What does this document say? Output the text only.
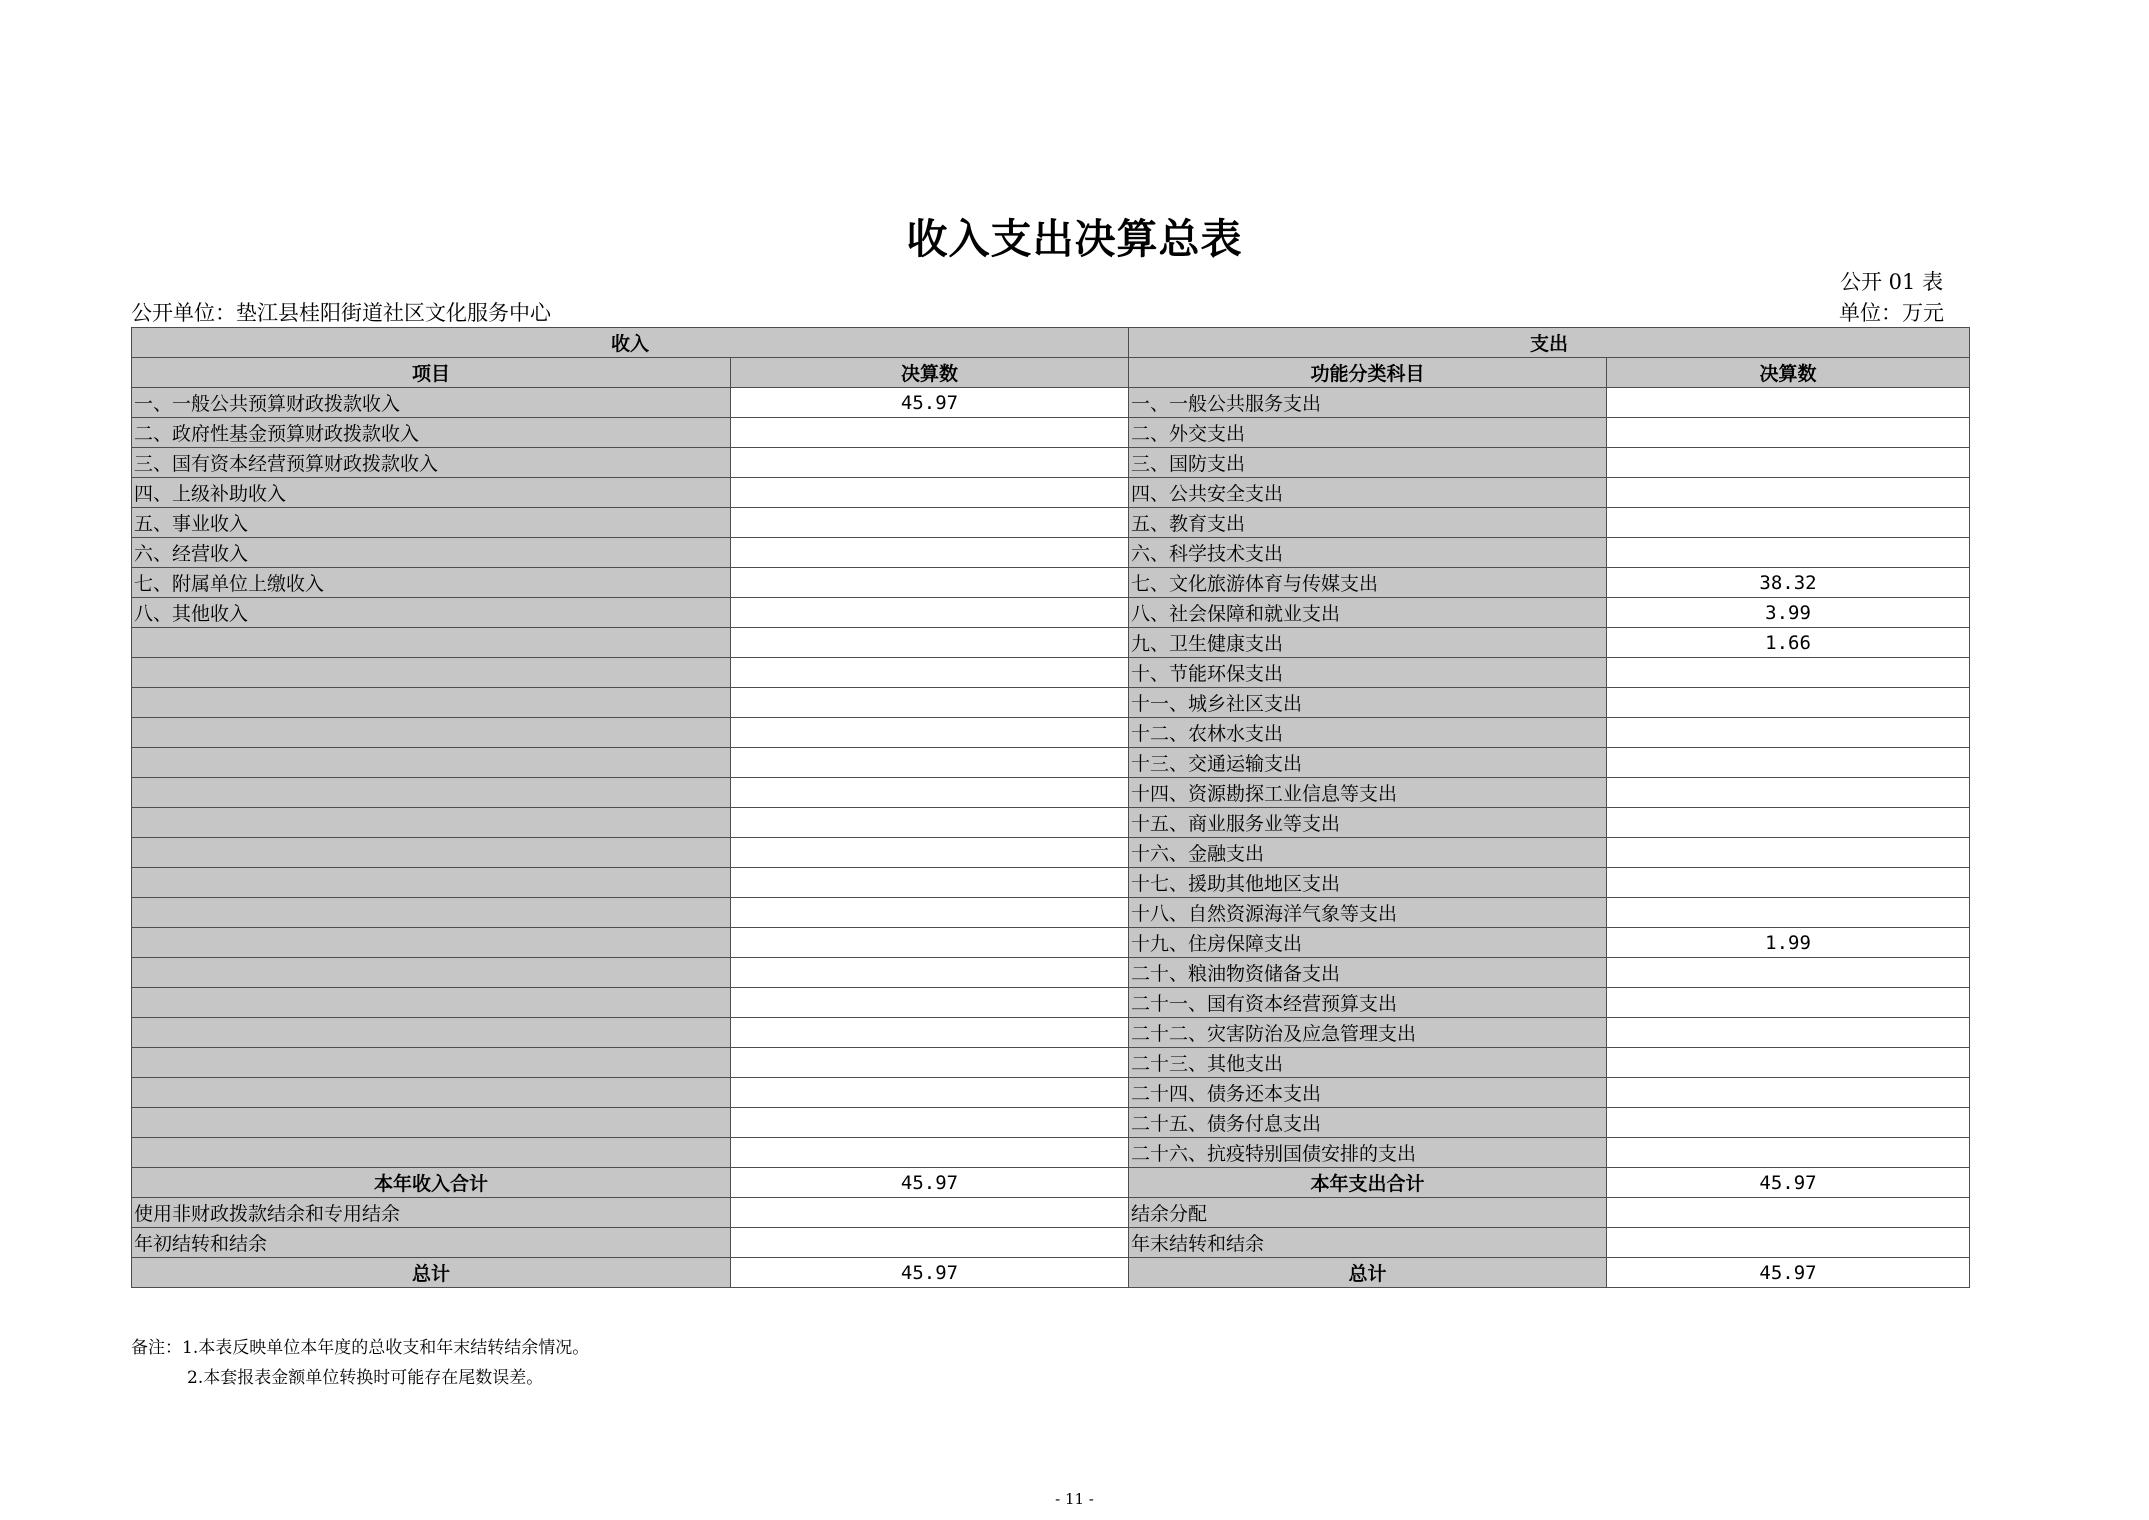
收入支出决算总表
公开 01 表
公开单位：垫江县桂阳街道社区文化服务中心	单位：万元
收入		支出	
项目	决算数	功能分类科目	决算数
一、一般公共预算财政拨款收入	45.97	一、一般公共服务支出	
二、政府性基金预算财政拨款收入		二、外交支出	
三、国有资本经营预算财政拨款收入		三、国防支出	
四、上级补助收入		四、公共安全支出	
五、事业收入		五、教育支出	
六、经营收入		六、科学技术支出	
七、附属单位上缴收入		七、文化旅游体育与传媒支出	38.32
八、其他收入		八、社会保障和就业支出	3.99
		九、卫生健康支出	1.66
		十、节能环保支出	
		十一、城乡社区支出	
		十二、农林水支出	
		十三、交通运输支出	
		十四、资源勘探工业信息等支出	
		十五、商业服务业等支出	
		十六、金融支出	
		十七、援助其他地区支出	
		十八、自然资源海洋气象等支出	
		十九、住房保障支出	1.99
		二十、粮油物资储备支出	
		二十一、国有资本经营预算支出	
		二十二、灾害防治及应急管理支出	
		二十三、其他支出	
		二十四、债务还本支出	
		二十五、债务付息支出	
		二十六、抗疫特别国债安排的支出	
本年收入合计	45.97	本年支出合计	45.97
使用非财政拨款结余和专用结余		结余分配	
年初结转和结余		年末结转和结余	
总计	45.97	总计	45.97
备注：1.本表反映单位本年度的总收支和年末结转结余情况。
2.本套报表金额单位转换时可能存在尾数误差。
- 11 -
